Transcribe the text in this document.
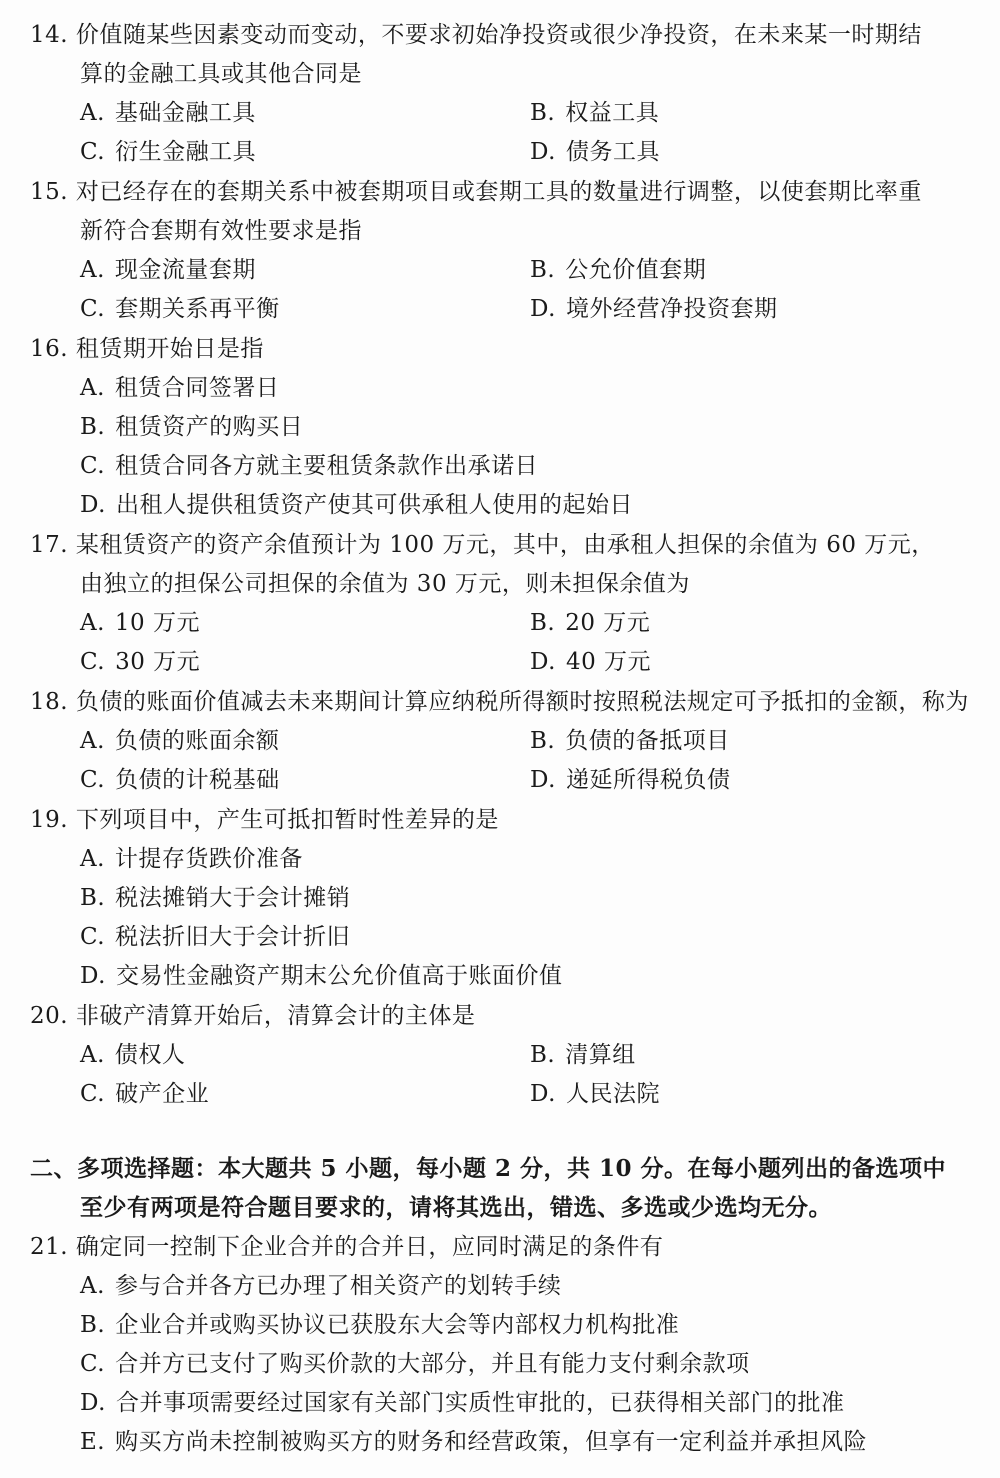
14. 价值随某些因素变动而变动，不要求初始净投资或很少净投资，在未来某一时期结
算的金融工具或其他合同是
A. 基础金融工具	B. 权益工具
C. 衍生金融工具	D. 债务工具
15. 对已经存在的套期关系中被套期项目或套期工具的数量进行调整，以使套期比率重
新符合套期有效性要求是指
A. 现金流量套期	B. 公允价值套期
C. 套期关系再平衡	D. 境外经营净投资套期
16. 租赁期开始日是指
A. 租赁合同签署日
B. 租赁资产的购买日
C. 租赁合同各方就主要租赁条款作出承诺日
D. 出租人提供租赁资产使其可供承租人使用的起始日
17. 某租赁资产的资产余值预计为 100 万元，其中，由承租人担保的余值为 60 万元，
由独立的担保公司担保的余值为 30 万元，则未担保余值为
A. 10 万元	B. 20 万元
C. 30 万元	D. 40 万元
18. 负债的账面价值减去未来期间计算应纳税所得额时按照税法规定可予抵扣的金额，称为
A. 负债的账面余额	B. 负债的备抵项目
C. 负债的计税基础	D. 递延所得税负债
19. 下列项目中，产生可抵扣暂时性差异的是
A. 计提存货跌价准备
B. 税法摊销大于会计摊销
C. 税法折旧大于会计折旧
D. 交易性金融资产期末公允价值高于账面价值
20. 非破产清算开始后，清算会计的主体是
A. 债权人	B. 清算组
C. 破产企业	D. 人民法院
二、多项选择题：本大题共 5 小题，每小题 2 分，共 10 分。在每小题列出的备选项中
至少有两项是符合题目要求的，请将其选出，错选、多选或少选均无分。
21. 确定同一控制下企业合并的合并日，应同时满足的条件有
A. 参与合并各方已办理了相关资产的划转手续
B. 企业合并或购买协议已获股东大会等内部权力机构批准
C. 合并方已支付了购买价款的大部分，并且有能力支付剩余款项
D. 合并事项需要经过国家有关部门实质性审批的，已获得相关部门的批准
E. 购买方尚未控制被购买方的财务和经营政策，但享有一定利益并承担风险
